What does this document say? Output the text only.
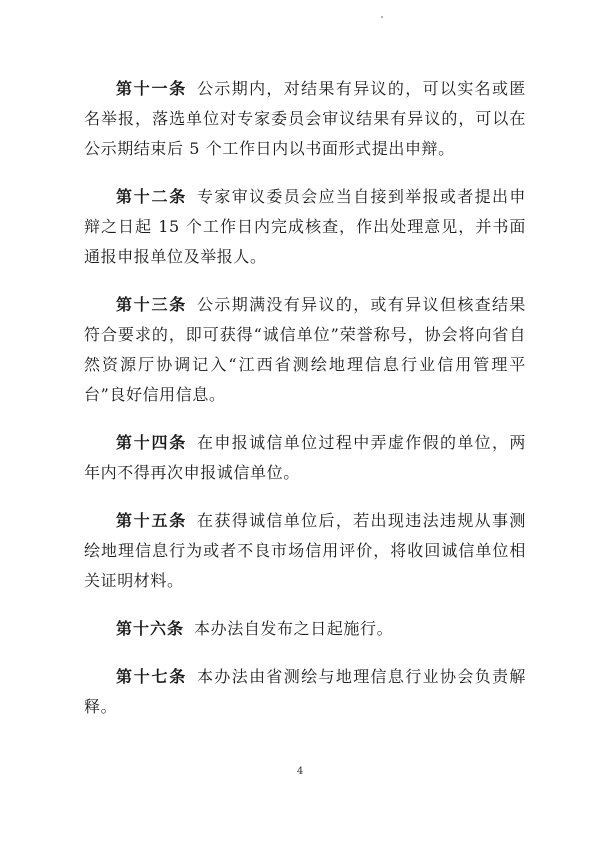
第十一条 公示期内，对结果有异议的，可以实名或匿名举报，落选单位对专家委员会审议结果有异议的，可以在公示期结束后 5 个工作日内以书面形式提出申辩。

第十二条 专家审议委员会应当自接到举报或者提出申辩之日起 15 个工作日内完成核查，作出处理意见，并书面通报申报单位及举报人。

第十三条 公示期满没有异议的，或有异议但核查结果符合要求的，即可获得“诚信单位”荣誉称号，协会将向省自然资源厅协调记入“江西省测绘地理信息行业信用管理平台”良好信用信息。

第十四条 在申报诚信单位过程中弄虚作假的单位，两年内不得再次申报诚信单位。

第十五条 在获得诚信单位后，若出现违法违规从事测绘地理信息行为或者不良市场信用评价，将收回诚信单位相关证明材料。

第十六条 本办法自发布之日起施行。

第十七条 本办法由省测绘与地理信息行业协会负责解释。

4
